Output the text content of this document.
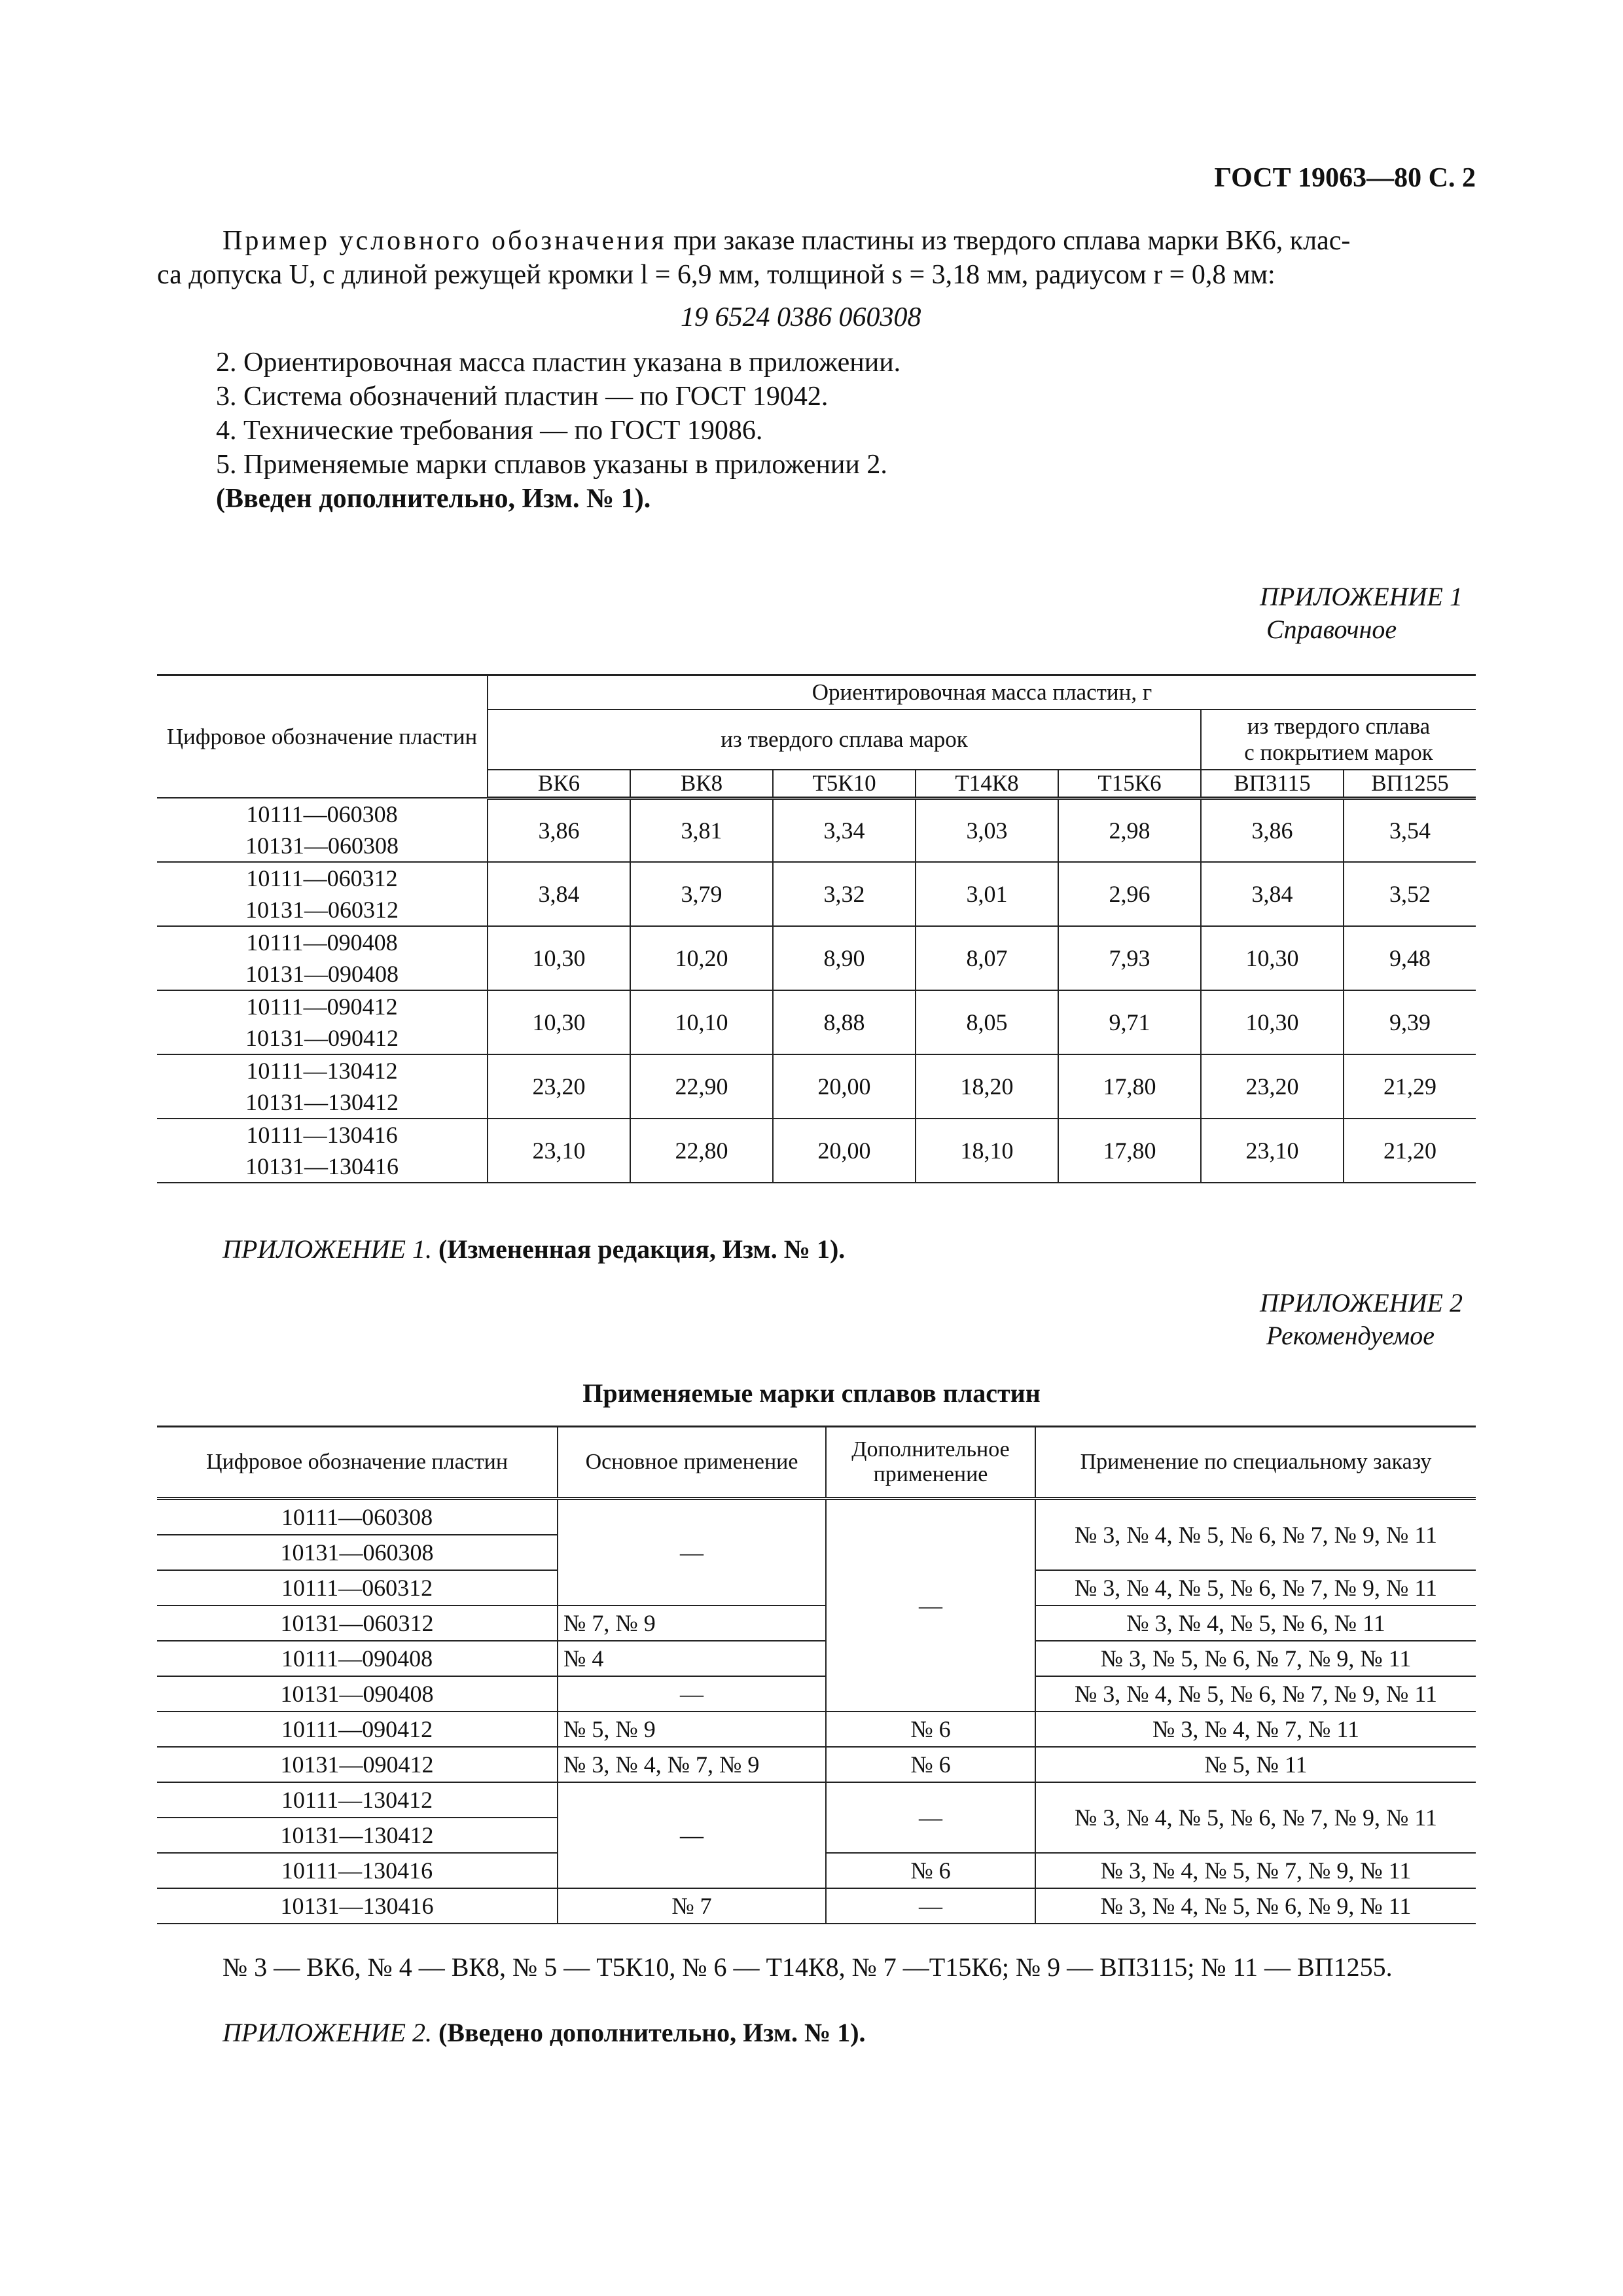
ГОСТ 19063—80 С. 2
Пример условного обозначения при заказе пластины из твердого сплава марки ВК6, клас-
са допуска U, с длиной режущей кромки l = 6,9 мм, толщиной s = 3,18 мм, радиусом r = 0,8 мм:
19 6524 0386 060308
2. Ориентировочная масса пластин указана в приложении.
3. Система обозначений пластин — по ГОСТ 19042.
4. Технические требования — по ГОСТ 19086.
5. Применяемые марки сплавов указаны в приложении 2.
(Введен дополнительно, Изм. № 1).
ПРИЛОЖЕНИЕ 1
Справочное
Цифровое обозначение пластин	Ориентировочная масса пластин, г						
	из твердого сплава марок					из твердого сплава
с покрытием марок	

	ВК6	ВК8	Т5К10	Т14К8	Т15К6	ВП3115	ВП1255

10111—060308
10131—060308	3,86	3,81	3,34	3,03	2,98	3,86	3,54

10111—060312
10131—060312	3,84	3,79	3,32	3,01	2,96	3,84	3,52

10111—090408
10131—090408	10,30	10,20	8,90	8,07	7,93	10,30	9,48

10111—090412
10131—090412	10,30	10,10	8,88	8,05	9,71	10,30	9,39

10111—130412
10131—130412	23,20	22,90	20,00	18,20	17,80	23,20	21,29

10111—130416
10131—130416	23,10	22,80	20,00	18,10	17,80	23,10	21,20
ПРИЛОЖЕНИЕ 1. (Измененная редакция, Изм. № 1).
ПРИЛОЖЕНИЕ 2
Рекомендуемое
Применяемые марки сплавов пластин
Цифровое обозначение пластин	Основное применение	Дополнительное
применение	Применение по специальному заказу
10111—060308	—	—	№ 3, № 4, № 5, № 6, № 7, № 9, № 11
10131—060308			
10111—060312			№ 3, № 4, № 5, № 6, № 7, № 9, № 11
10131—060312	№ 7, № 9		№ 3, № 4, № 5, № 6, № 11
10111—090408	№ 4		№ 3, № 5, № 6, № 7, № 9, № 11
10131—090408	—		№ 3, № 4, № 5, № 6, № 7, № 9, № 11
10111—090412	№ 5, № 9	№ 6	№ 3, № 4, № 7, № 11
10131—090412	№ 3, № 4, № 7, № 9	№ 6	№ 5, № 11
10111—130412	—	—	№ 3, № 4, № 5, № 6, № 7, № 9, № 11
10131—130412			
10111—130416		№ 6	№ 3, № 4, № 5, № 7, № 9, № 11
10131—130416	№ 7	—	№ 3, № 4, № 5, № 6, № 9, № 11
№ 3 — ВК6, № 4 — ВК8, № 5 — Т5К10, № 6 — Т14К8, № 7 —Т15К6; № 9 — ВП3115; № 11 — ВП1255.
ПРИЛОЖЕНИЕ 2. (Введено дополнительно, Изм. № 1).
